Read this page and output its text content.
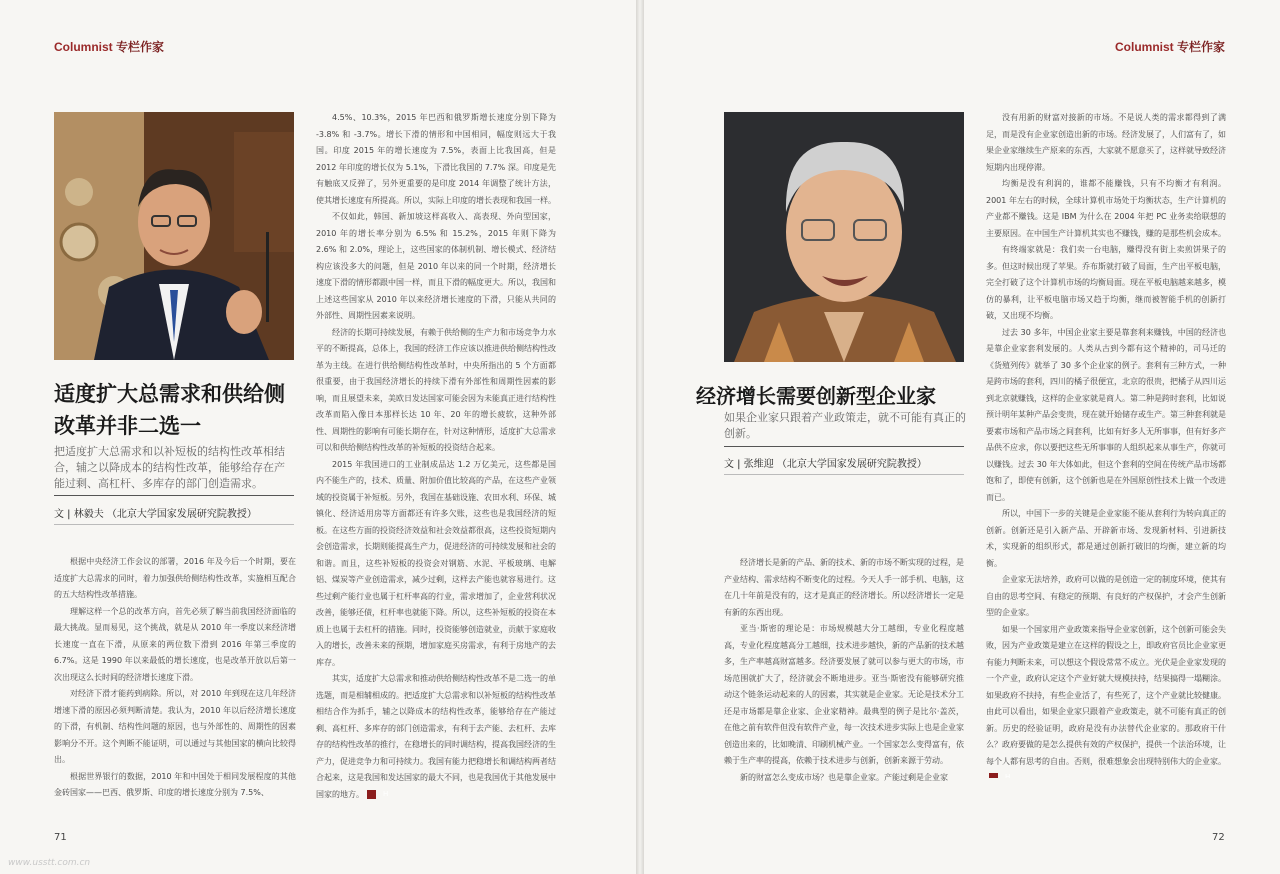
Columnist 专栏作家
适度扩大总需求和供给侧
改革并非二选一
把适度扩大总需求和以补短板的结构性改革相结合，辅之以降成本的结构性改革，能够给存在产能过剩、高杠杆、多库存的部门创造需求。
文 | 林毅夫 （北京大学国家发展研究院教授）

根据中央经济工作会议的部署，2016 年及今后一个时期，要在适度扩大总需求的同时，着力加强供给侧结构性改革，实施相互配合的五大结构性改革措施。

理解这样一个总的改革方向，首先必须了解当前我国经济面临的最大挑战。显而易见，这个挑战，就是从 2010 年一季度以来经济增长速度一直在下滑，从原来的两位数下滑到 2016 年第三季度的 6.7%。这是 1990 年以来最低的增长速度，也是改革开放以后第一次出现这么长时间的经济增长速度下滑。

对经济下滑才能药到病除。所以，对 2010 年到现在这几年经济增速下滑的原因必须判断清楚。我认为，2010 年以后经济增长速度的下滑，有机制、结构性问题的原因，也与外部性的、周期性的因素影响分不开。这个判断不能证明，可以通过与其他国家的横向比较得出。

根据世界银行的数据，2010 年和中国处于相同发展程度的其他金砖国家——巴西、俄罗斯、印度的增长速度分别为 7.5%、

4.5%、10.3%，2015 年巴西和俄罗斯增长速度分别下降为 -3.8% 和 -3.7%。增长下滑的情形和中国相同，幅度则远大于我国。印度 2015 年的增长速度为 7.5%，表面上比我国高，但是 2012 年印度的增长仅为 5.1%，下滑比我国的 7.7% 深。印度是先有触底又反弹了，另外更重要的是印度 2014 年调整了统计方法，使其增长速度有所提高。所以，实际上印度的增长表现和我国一样。

不仅如此，韩国、新加坡这样高收入、高表现、外向型国家，2010 年的增长率分别为 6.5% 和 15.2%，2015 年则下降为 2.6% 和 2.0%，理论上，这些国家的体制机制、增长模式、经济结构应该没多大的问题，但是 2010 年以来的同一个时期，经济增长速度下滑的情形都跟中国一样，而且下滑的幅度更大。所以，我国和上述这些国家从 2010 年以来经济增长速度的下滑，只能从共同的外部性、周期性因素来说明。

经济的长期可持续发展，有赖于供给侧的生产力和市场竞争力水平的不断提高，总体上，我国的经济工作应该以推进供给侧结构性改革为主线。在进行供给侧结构性改革时，中央所指出的 5 个方面都很重要，由于我国经济增长的持续下滑有外部性和周期性因素的影响，而且展望未来，美欧日发达国家可能会因为未能真正进行结构性改革而陷入像日本那样长达 10 年、20 年的增长疲软，这种外部性、周期性的影响有可能长期存在，针对这种情形，适度扩大总需求可以和供给侧结构性改革的补短板的投资结合起来。

2015 年我国进口的工业制成品达 1.2 万亿美元，这些都是国内不能生产的，技术、质量、附加价值比较高的产品，在这些产业领域的投资属于补短板。另外，我国在基础设施、农田水利、环保、城镇化、经济适用房等方面都还有许多欠账，这些也是我国经济的短板。在这些方面的投资经济效益和社会效益都很高，这些投资短期内会创造需求，长期则能提高生产力，促进经济的可持续发展和社会的和谐。而且，这些补短板的投资会对钢筋、水泥、平板玻璃、电解铝、煤炭等产业创造需求，减少过剩，这样去产能也就容易进行。这些过剩产能行业也属于杠杆率高的行业，需求增加了，企业营利状况改善，能够还债，杠杆率也就能下降。所以，这些补短板的投资在本质上也属于去杠杆的措施。同时，投资能够创造就业，贡献于家庭收入的增长，改善未来的预期，增加家庭买房需求，有利于房地产的去库存。

其实，适度扩大总需求和推动供给侧结构性改革不是二选一的单选题，而是相辅相成的。把适度扩大总需求和以补短板的结构性改革相结合作为抓手，辅之以降成本的结构性改革，能够给存在产能过剩、高杠杆、多库存的部门创造需求，有利于去产能、去杠杆、去库存的结构性改革的推行，在稳增长的同时调结构，提高我国经济的生产力，促进竞争力和可持续力。我国有能力把稳增长和调结构两者结合起来，这是我国和发达国家的最大不同，也是我国优于其他发展中国家的地方。	H

71
www.usstt.com.cn
Columnist 专栏作家
经济增长需要创新型企业家
如果企业家只跟着产业政策走，就不可能有真正的创新。
文 | 张维迎 （北京大学国家发展研究院教授）

经济增长是新的产品、新的技术、新的市场不断实现的过程，是产业结构、需求结构不断变化的过程。今天人手一部手机、电脑，这在几十年前是没有的，这才是真正的经济增长。所以经济增长一定是有新的东西出现。

亚当·斯密的理论是：市场规模越大分工越细，专业化程度越高，专业化程度越高分工越细，技术进步越快，新的产品新的技术越多，生产率越高财富越多。经济要发展了就可以参与更大的市场，市场范围就扩大了，经济就会不断地进步。亚当·斯密没有能够研究推动这个链条运动起来的人的因素，其实就是企业家。无论是技术分工还是市场都是靠企业家、企业家精神。最典型的例子是比尔·盖茨，在他之前有软件但没有软件产业，每一次技术进步实际上也是企业家创造出来的，比如晚清、印刷机械产业。一个国家怎么变得富有，依赖于生产率的提高，依赖于技术进步与创新，创新来源于劳动。

新的财富怎么变成市场？也是靠企业家。产能过剩是企业家

没有用新的财富对接新的市场。不是说人类的需求都得到了满足，而是没有企业家创造出新的市场。经济发展了，人们富有了，如果企业家继续生产原来的东西，大家就不愿意买了，这样就导致经济短期内出现停滞。

均衡是没有利润的，谁都不能赚钱，只有不均衡才有利润。2001 年左右的时候，全球计算机市场处于均衡状态，生产计算机的产业都不赚钱。这是 IBM 为什么在 2004 年把 PC 业务卖给联想的主要原因。在中国生产计算机其实也不赚钱，赚的是那些机会成本。

有终端家就是：我们卖一台电脑，赚得没有街上卖煎饼果子的多。但这时候出现了苹果。乔布斯就打破了局面，生产出平板电脑，完全打破了这个计算机市场的均衡局面。现在平板电脑越来越多，模仿的暴利，让平板电脑市场又趋于均衡，继而被智能手机的创新打破，又出现不均衡。

过去 30 多年，中国企业家主要是靠套利来赚钱，中国的经济也是靠企业家套利发展的。人类从古到今都有这个精神的，司马迁的《货殖列传》就举了 30 多个企业家的例子。套利有三种方式，一种是跨市场的套利，四川的橘子很便宜，北京的很贵，把橘子从四川运到北京就赚钱，这样的企业家就是商人。第二种是跨时套利，比如说预计明年某种产品会变贵，现在就开始储存或生产。第三种套利就是要素市场和产品市场之间套利，比如有好多人无所事事，但有好多产品供不应求，你以要把这些无所事事的人组织起来从事生产，你就可以赚钱。过去 30 年大体如此，但这个套利的空间在传统产品市场都饱和了，即使有创新，这个创新也是在外国原创性技术上做一个改进而已。

所以，中国下一步的关键是企业家能不能从套利行为转向真正的创新。创新还是引入新产品、开辟新市场、发现新材料、引进新技术，实现新的组织形式，都是通过创新打破旧的均衡，建立新的均衡。

企业家无法培养，政府可以做的是创造一定的制度环境，使其有自由的思考空间、有稳定的预期、有良好的产权保护，才会产生创新型的企业家。

如果一个国家用产业政策来指导企业家创新，这个创新可能会失败，因为产业政策是建立在这样的假设之上，即政府官员比企业家更有能力判断未来，可以想这个假设常常不成立。光伏是企业家发现的一个产业，政府认定这个产业好就大规模扶持，结果搞得一塌糊涂。如果政府不扶持，有些企业活了，有些死了，这个产业就比较健康。由此可以看出，如果企业家只跟着产业政策走，就不可能有真正的创新。历史的经验证明，政府是没有办法替代企业家的。那政府干什么？政府要做的是怎么提供有效的产权保护，提供一个法治环境，让每个人都有思考的自由。否则，很难想象会出现特别伟大的企业家。H

72
